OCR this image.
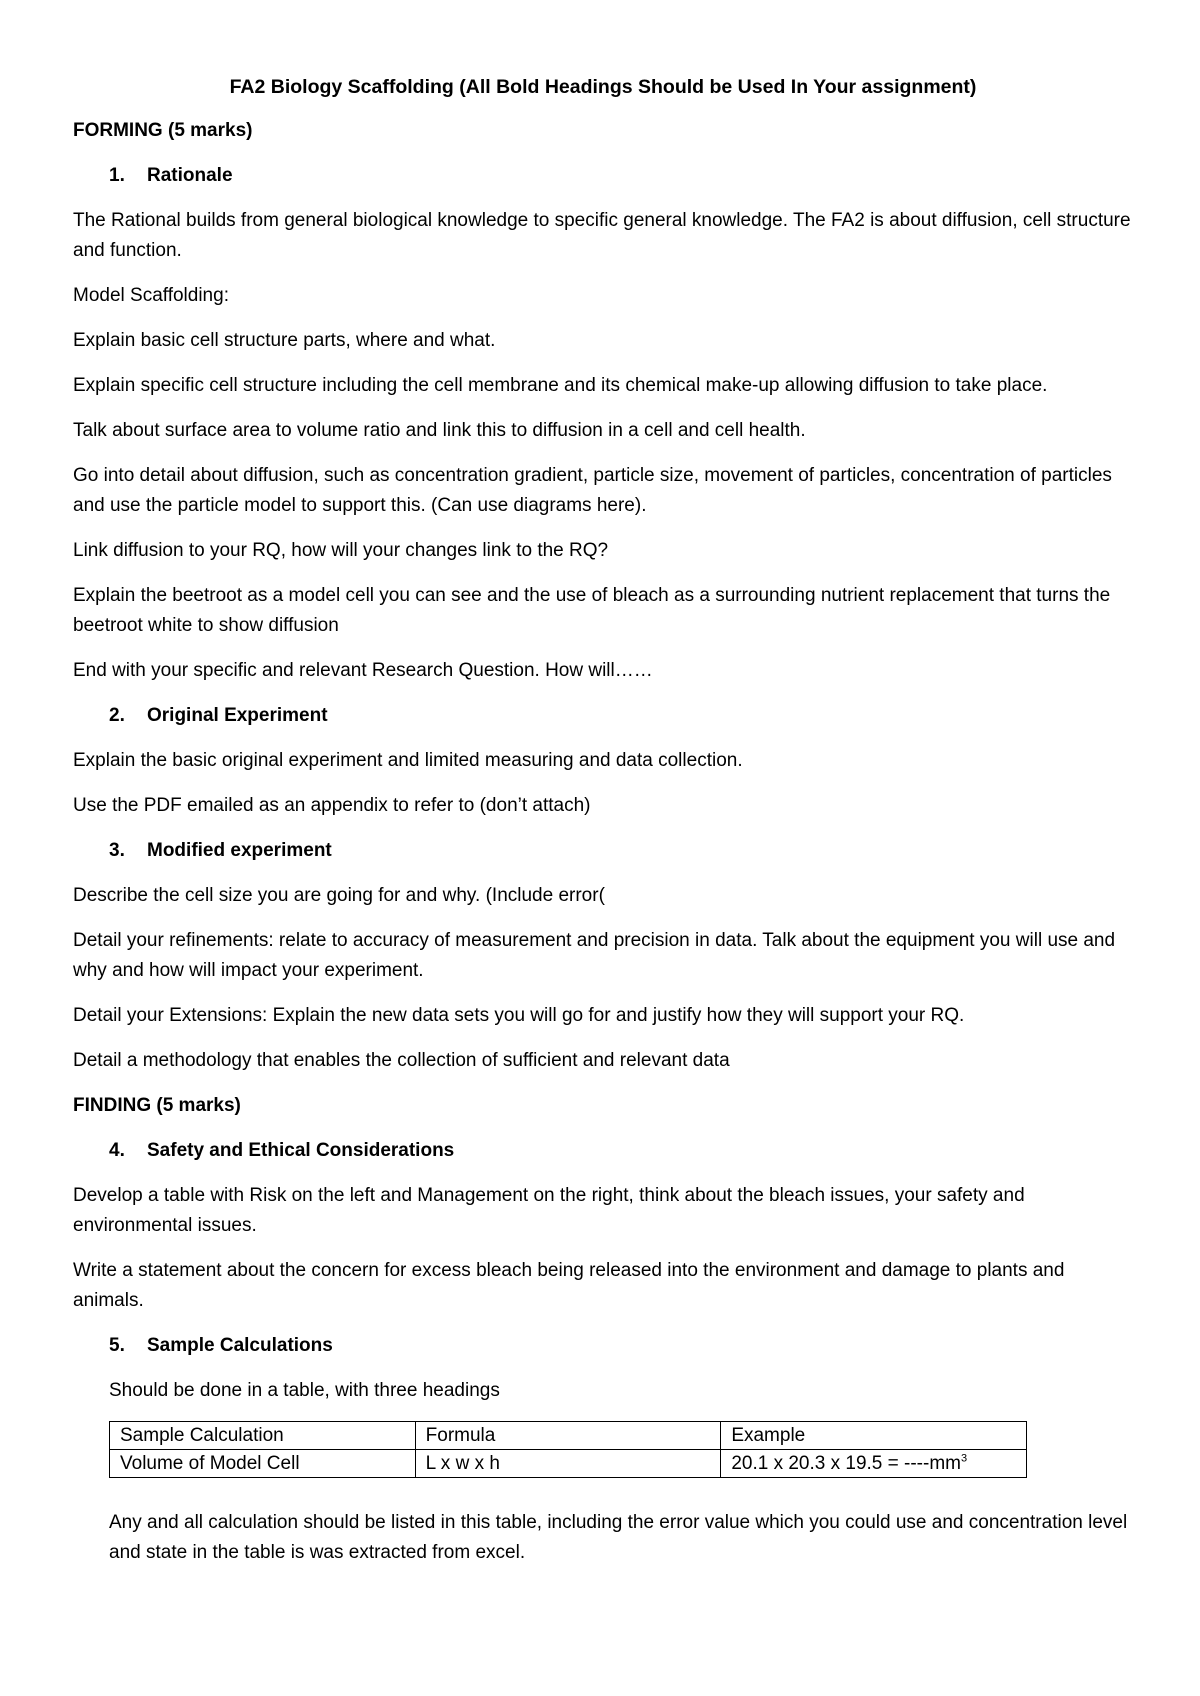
FA2 Biology Scaffolding (All Bold Headings Should be Used In Your assignment)
FORMING (5 marks)
1. Rationale

The Rational builds from general biological knowledge to specific general knowledge. The FA2 is about diffusion, cell structure and function.

Model Scaffolding:

Explain basic cell structure parts, where and what.

Explain specific cell structure including the cell membrane and its chemical make-up allowing diffusion to take place.

Talk about surface area to volume ratio and link this to diffusion in a cell and cell health.

Go into detail about diffusion, such as concentration gradient, particle size, movement of particles, concentration of particles and use the particle model to support this. (Can use diagrams here).

Link diffusion to your RQ, how will your changes link to the RQ?

Explain the beetroot as a model cell you can see and the use of bleach as a surrounding nutrient replacement that turns the beetroot white to show diffusion

End with your specific and relevant Research Question. How will……

2. Original Experiment

Explain the basic original experiment and limited measuring and data collection.

Use the PDF emailed as an appendix to refer to (don’t attach)

3. Modified experiment

Describe the cell size you are going for and why. (Include error(

Detail your refinements: relate to accuracy of measurement and precision in data. Talk about the equipment you will use and why and how will impact your experiment.

Detail your Extensions: Explain the new data sets you will go for and justify how they will support your RQ.

Detail a methodology that enables the collection of sufficient and relevant data

FINDING (5 marks)
4. Safety and Ethical Considerations

Develop a table with Risk on the left and Management on the right, think about the bleach issues, your safety and environmental issues.

Write a statement about the concern for excess bleach being released into the environment and damage to plants and animals.

5. Sample Calculations

Should be done in a table, with three headings

Sample Calculation	Formula	Example
Volume of Model Cell	L x w x h	20.1 x 20.3 x $19.5 = ----mm^3$

Any and all calculation should be listed in this table, including the error value which you could use and concentration level and state in the table is was extracted from excel.
